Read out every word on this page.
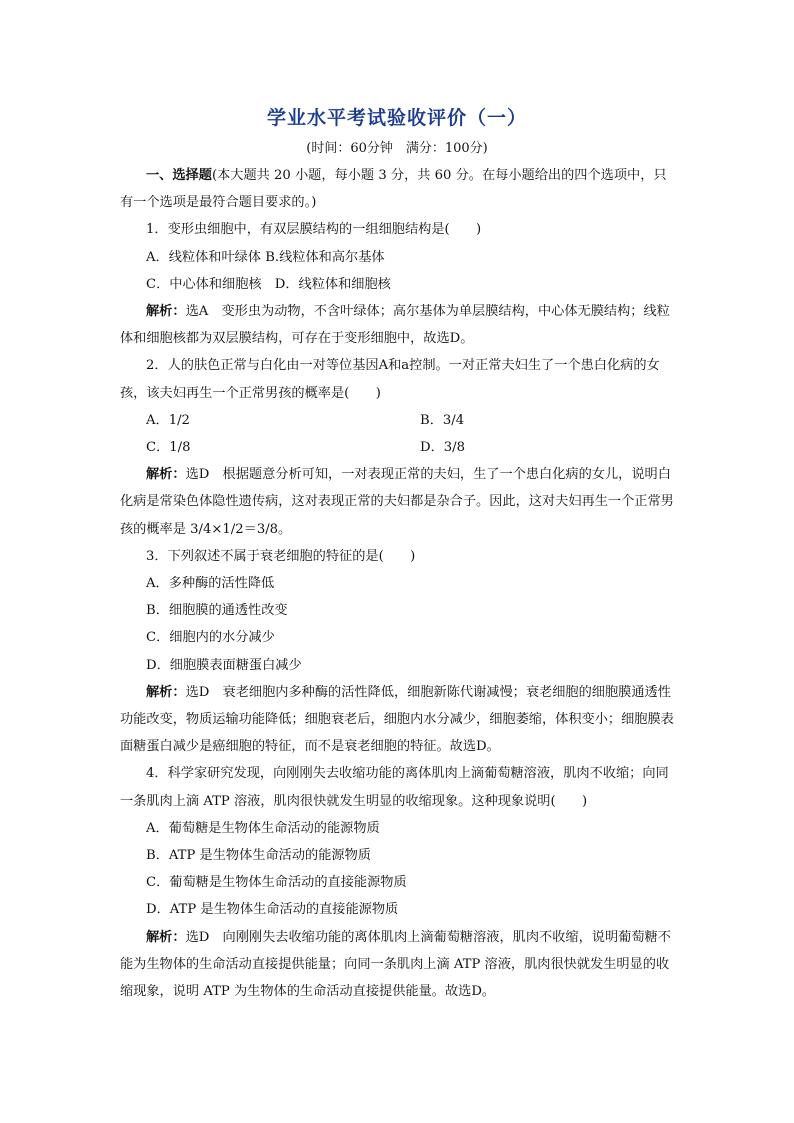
学业水平考试验收评价（一）
(时间：60分钟　满分：100分)

一、选择题(本大题共 20 小题，每小题 3 分，共 60 分。在每小题给出的四个选项中，只有一个选项是最符合题目要求的。)

1．变形虫细胞中，有双层膜结构的一组细胞结构是(　　)

A．线粒体和叶绿体 B.线粒体和高尔基体

C．中心体和细胞核　D．线粒体和细胞核

解析：选A　变形虫为动物，不含叶绿体；高尔基体为单层膜结构，中心体无膜结构；线粒体和细胞核都为双层膜结构，可存在于变形细胞中，故选D。

2．人的肤色正常与白化由一对等位基因A和a控制。一对正常夫妇生了一个患白化病的女孩，该夫妇再生一个正常男孩的概率是(　　)

A．1/2	B．3/4
C．1/8	D．3/8

解析：选D　根据题意分析可知，一对表现正常的夫妇，生了一个患白化病的女儿，说明白化病是常染色体隐性遗传病，这对表现正常的夫妇都是杂合子。因此，这对夫妇再生一个正常男孩的概率是 3/4×1/2＝3/8。

3．下列叙述不属于衰老细胞的特征的是(　　)

A．多种酶的活性降低

B．细胞膜的通透性改变

C．细胞内的水分减少

D．细胞膜表面糖蛋白减少

解析：选D　衰老细胞内多种酶的活性降低，细胞新陈代谢减慢；衰老细胞的细胞膜通透性功能改变，物质运输功能降低；细胞衰老后，细胞内水分减少，细胞萎缩，体积变小；细胞膜表面糖蛋白减少是癌细胞的特征，而不是衰老细胞的特征。故选D。

4．科学家研究发现，向刚刚失去收缩功能的离体肌肉上滴葡萄糖溶液，肌肉不收缩；向同一条肌肉上滴 ATP 溶液，肌肉很快就发生明显的收缩现象。这种现象说明(　　)

A．葡萄糖是生物体生命活动的能源物质

B．ATP 是生物体生命活动的能源物质

C．葡萄糖是生物体生命活动的直接能源物质

D．ATP 是生物体生命活动的直接能源物质

解析：选D　向刚刚失去收缩功能的离体肌肉上滴葡萄糖溶液，肌肉不收缩，说明葡萄糖不能为生物体的生命活动直接提供能量；向同一条肌肉上滴 ATP 溶液，肌肉很快就发生明显的收缩现象，说明 ATP 为生物体的生命活动直接提供能量。故选D。
